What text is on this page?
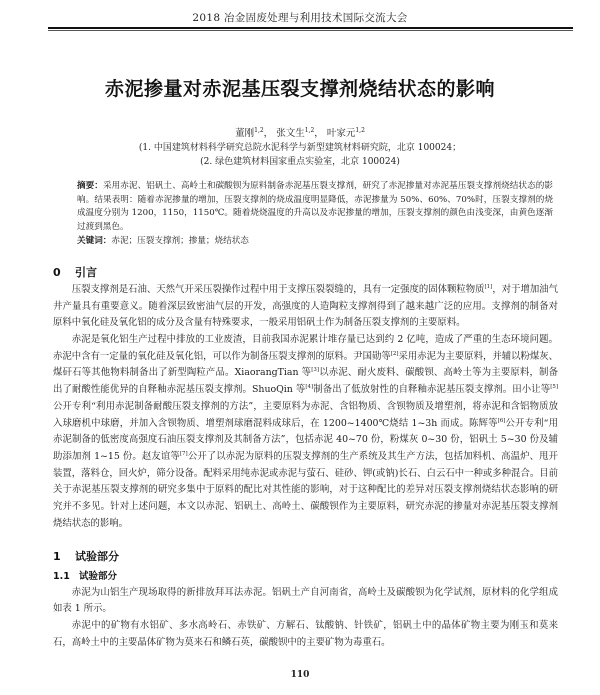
2018 冶金固废处理与利用技术国际交流大会
赤泥掺量对赤泥基压裂支撑剂烧结状态的影响
董刚$^{1,2}$， 张文生$^{1,2}$， 叶家元$^{1,2}$
(1. 中国建筑材料科学研究总院水泥科学与新型建筑材料研究院，北京 100024；
(2. 绿色建筑材料国家重点实验室，北京 100024)
摘要：采用赤泥、铝矾土、高岭土和碳酸钡为原料制备赤泥基压裂支撑剂，研究了赤泥掺量对赤泥基压裂支撑剂烧结状态的影响。结果表明：随着赤泥掺量的增加，压裂支撑剂的烧成温度明显降低，赤泥掺量为 50%、60%、70%时，压裂支撑剂的烧成温度分别为 1200，1150，1150℃。随着烧烧温度的升高以及赤泥掺量的增加，压裂支撑剂的颜色由浅变深，由黄色逐渐过渡到黑色。
关键词：赤泥；压裂支撑剂；掺量；烧结状态
0 引言
压裂支撑剂是石油、天然气开采压裂操作过程中用于支撑压裂裂缝的，具有一定强度的固体颗粒物质[1]，对于增加油气井产量具有重要意义。随着深层致密油气层的开发，高强度的人造陶粒支撑剂得到了越来越广泛的应用。支撑剂的制备对原料中氧化硅及氧化铝的成分及含量有特殊要求，一般采用铝矾土作为制备压裂支撑剂的主要原料。
赤泥是氧化铝生产过程中排放的工业废渣，目前我国赤泥累计堆存量已达到约 2 亿吨，造成了严重的生态环境问题。赤泥中含有一定量的氧化硅及氧化铝，可以作为制备压裂支撑剂的原料。尹国勋等[2]采用赤泥为主要原料，并辅以粉煤灰、煤矸石等其他物料制备出了新型陶粒产品。XiaorangTian 等[3]以赤泥、耐火废料、碳酸钡、高岭土等为主要原料，制备出了耐酸性能优异的自释釉赤泥基压裂支撑剂。ShuoQin 等[4]制备出了低放射性的自释釉赤泥基压裂支撑剂。田小让等[5]公开专利“利用赤泥制备耐酸压裂支撑剂的方法”，主要原料为赤泥、含铝物质、含钡物质及增塑剂，将赤泥和含铝物质放入球磨机中球磨，并加入含钡物质、增塑剂球磨混料成球后，在 1200~1400℃烧结 1~3h 而成。陈辉等[6]公开专利“用赤泥制备的低密度高强度石油压裂支撑剂及其制备方法”，包括赤泥 40~70 份，粉煤灰 0~30 份，铝矾土 5~30 份及辅助添加剂 1~15 份。赵友谊等[7]公开了以赤泥为原料的压裂支撑剂的生产系统及其生产方法，包括加料机、高温炉、甩开装置，落料仓，回火炉，筛分设备。配料采用纯赤泥或赤泥与萤石、硅砂、钾(或钠)长石、白云石中一种或多种混合。目前关于赤泥基压裂支撑剂的研究多集中于原料的配比对其性能的影响，对于这种配比的差异对压裂支撑剂烧结状态影响的研究并不多见。针对上述问题，本文以赤泥、铝矾土、高岭土、碳酸钡作为主要原料，研究赤泥的掺量对赤泥基压裂支撑剂烧结状态的影响。
1 试验部分
1.1 试验部分
赤泥为山铝生产现场取得的新排放拜耳法赤泥。铝矾土产自河南省，高岭土及碳酸钡为化学试剂，原材料的化学组成如表 1 所示。
赤泥中的矿物有水铝矿、多水高岭石、赤铁矿、方解石、钛酸钠、针铁矿，铝矾土中的晶体矿物主要为刚玉和莫来石，高岭土中的主要晶体矿物为莫来石和鳞石英，碳酸钡中的主要矿物为毒重石。
110
